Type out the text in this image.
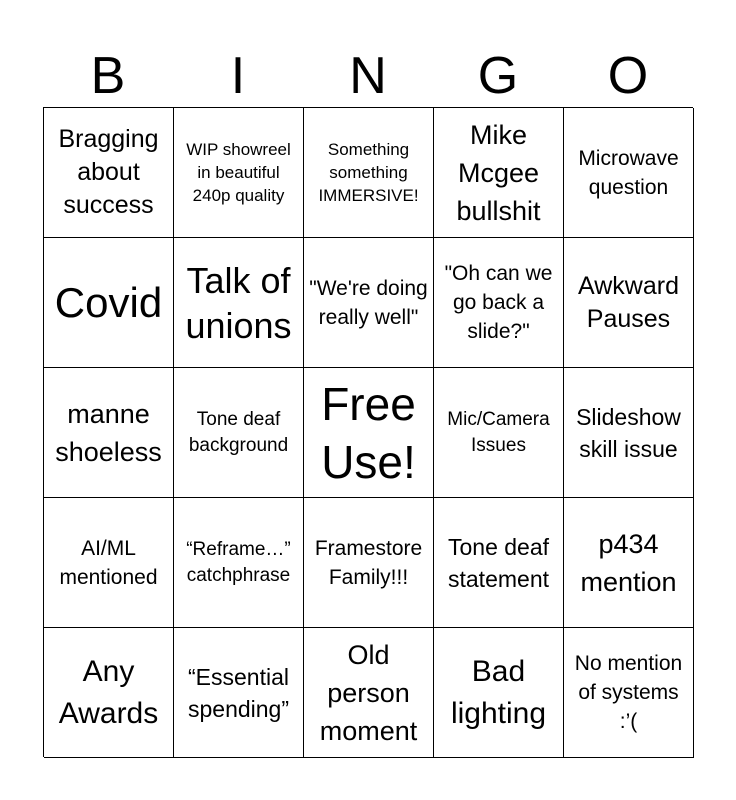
B	I	N	G	O
Bragging about success
WIP showreel in beautiful 240p quality
Something something IMMERSIVE!
Mike Mcgee bullshit
Microwave question
Covid Talk of unions
"We're doing really well"
"Oh can we go back a slide?"
Awkward Pauses
manne shoeless
Tone deaf background
Free Use!
Mic/Camera Issues
Slideshow skill issue
AI/ML mentioned
“Reframe…” catchphrase
Framestore Family!!!
Tone deaf statement
p434 mention
Any Awards
“Essential spending”
Old person moment
Bad lighting
No mention of systems :’(
